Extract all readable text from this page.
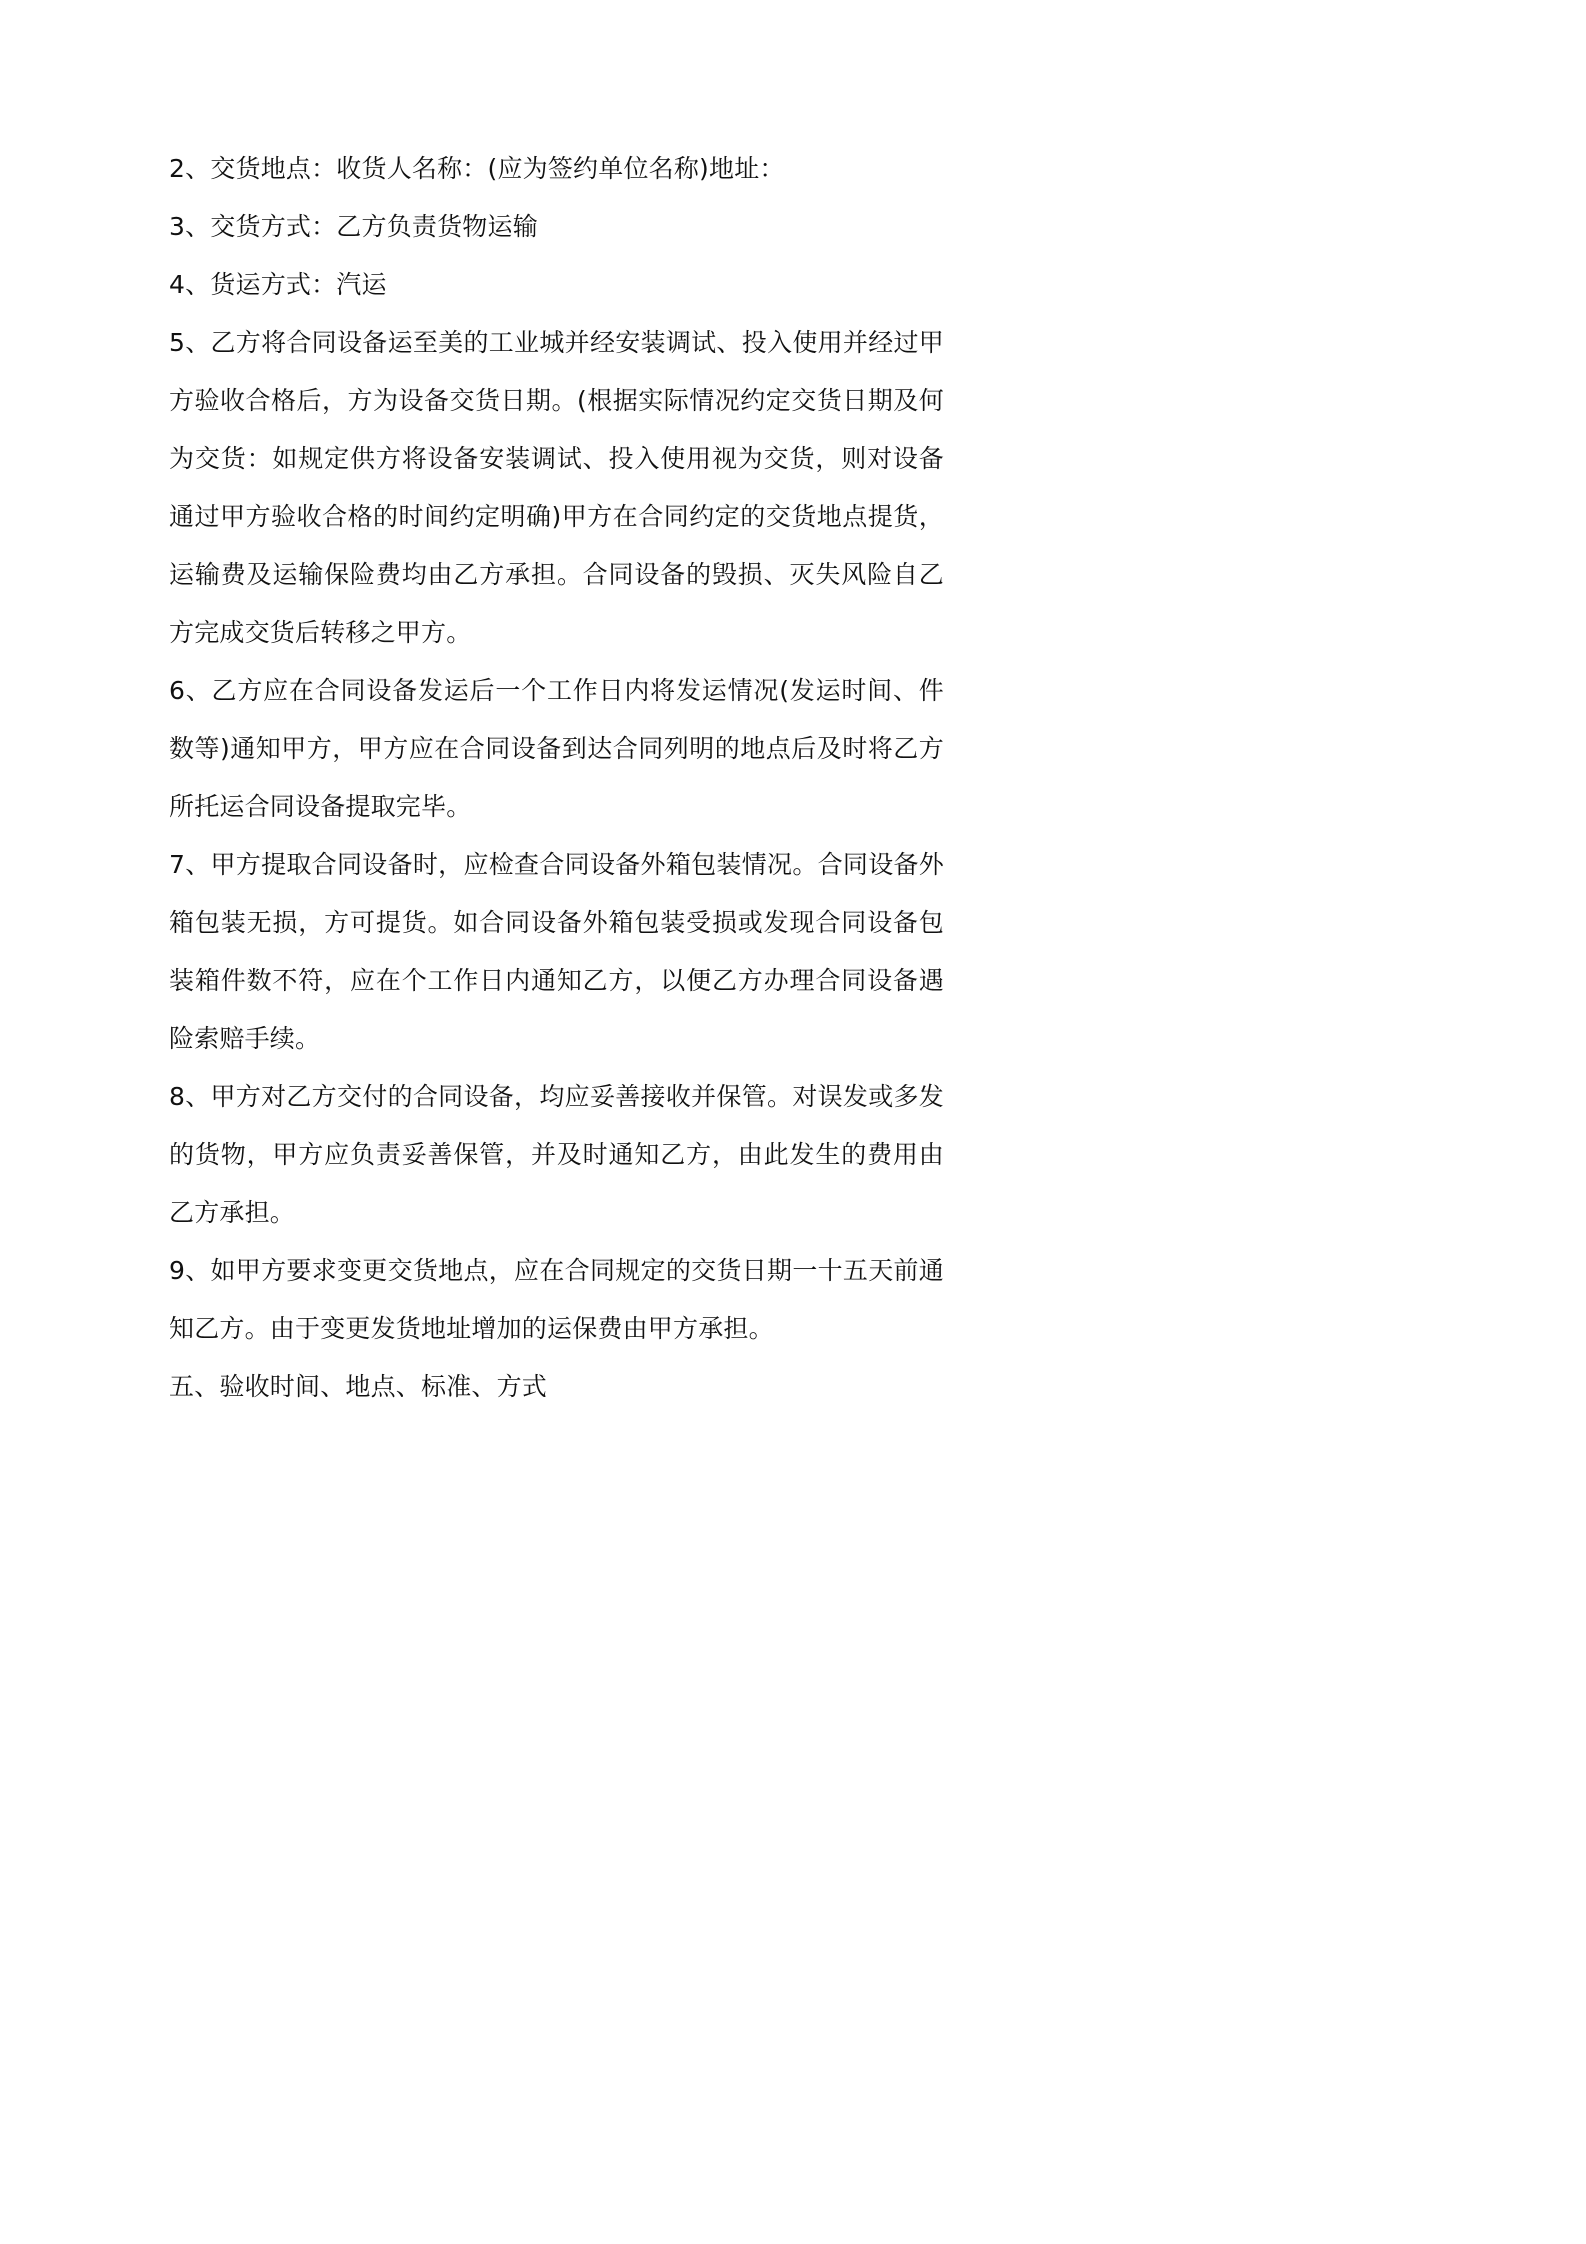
2、交货地点：收货人名称：(应为签约单位名称)地址：

3、交货方式：乙方负责货物运输

4、货运方式：汽运

5、乙方将合同设备运至美的工业城并经安装调试、投入使用并经过甲方验收合格后，方为设备交货日期。(根据实际情况约定交货日期及何为交货：如规定供方将设备安装调试、投入使用视为交货，则对设备通过甲方验收合格的时间约定明确)甲方在合同约定的交货地点提货，运输费及运输保险费均由乙方承担。合同设备的毁损、灭失风险自乙方完成交货后转移之甲方。

6、乙方应在合同设备发运后一个工作日内将发运情况(发运时间、件数等)通知甲方，甲方应在合同设备到达合同列明的地点后及时将乙方所托运合同设备提取完毕。

7、甲方提取合同设备时，应检查合同设备外箱包装情况。合同设备外箱包装无损，方可提货。如合同设备外箱包装受损或发现合同设备包装箱件数不符，应在个工作日内通知乙方，以便乙方办理合同设备遇险索赔手续。

8、甲方对乙方交付的合同设备，均应妥善接收并保管。对误发或多发的货物，甲方应负责妥善保管，并及时通知乙方，由此发生的费用由乙方承担。

9、如甲方要求变更交货地点，应在合同规定的交货日期一十五天前通知乙方。由于变更发货地址增加的运保费由甲方承担。

五、验收时间、地点、标准、方式
